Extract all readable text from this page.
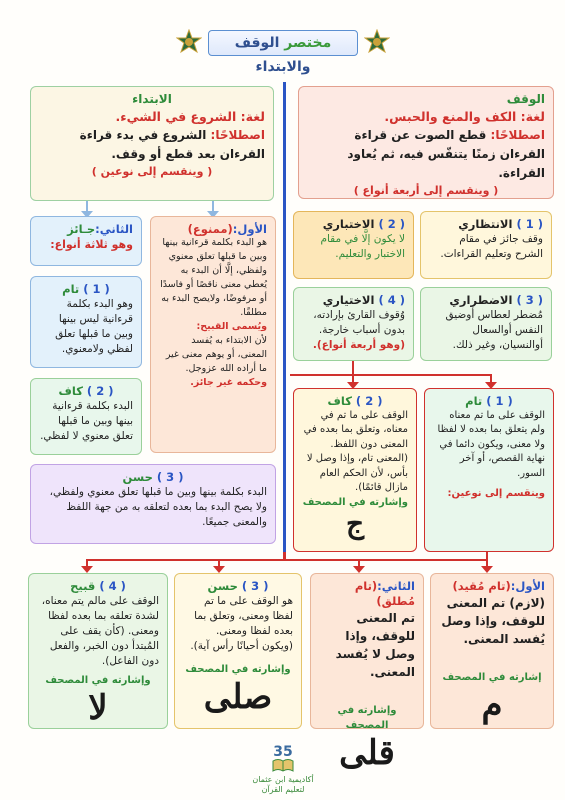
مختصر الوقف والابتداء
الوقف
لغة: الكف والمنع والحبس.
اصطلاحًا: قطع الصوت عن قراءة القرءان زمنًا يتنفّس فيه، ثم يُعاود القراءة.
( وينقسم إلى أربعة أنواع )
الابتداء
لغة: الشروع في الشيء.
اصطلاحًا: الشروع في بدء قراءة القرءان بعد قطع أو وقف.
( وينقسم إلى نوعين )
( 1 ) الانتظاري
وقف جائز في مقام الشرح وتعليم القراءات.
( 2 ) الاختباري
لا يكون إلَّا في مقام الاختبار والتعليم.
( 3 ) الاضطراري
مُضطر لعطاس أوضيق النفس أوالسعال أوالنسيان، وغير ذلك.
( 4 ) الاختياري
وُقوف القارئ بإرادته، بدون أسباب خارجة.
(وهو أربعة أنواع).
الأول:(ممنوع)
هو البدء بكلمة قرءانية بينها وبين ما قبلها تعلق معنوي ولفظي، إلَّا أن البدء به يُعطي معنى ناقصًا أو فاسدًا أو مرفوضًا، ولايصح البدء به مطلقًا.
ويُسمى القبيح:
لأن الابتداء به يُفسد المعنى، أو يوهم معنى غير ما أراده الله عزوجل.
وحكمه غير جائز.
الثاني:جـائز
وهو ثلاثة أنواع:
( 1 ) تام
وهو البدء بكلمة قرءانية ليس بينها وبين ما قبلها تعلق لفظي ولامعنوي.
( 2 ) كاف
البدء بكلمة قرءانية بينها وبين ما قبلها تعلق معنوي لا لفظي.
( 3 ) حسن
البدء بكلمة بينها وبين ما قبلها تعلق معنوي ولفظي، ولا يصح البدء بما بعده لتعلقه به من جهة اللفظ والمعنى جميعًا.
( 1 ) تام
الوقف على ما تم معناه ولم يتعلق بما بعده لا لفظا ولا معنى، ويكون دائما في نهاية القصص، أو آخر السور.
وينقسم إلى نوعين:
( 2 ) كاف
الوقف على ما تم في معناه، وتعلق بما بعده في المعنى دون اللفظ. (المعنى تام، وإذا وصل لا بأس، لأن الحكم العام مازال قائمًا).
وإشارته في المصحف
ج
الأول:(تام مُقيد)
(لازم) تم المعنى للوقف، وإذا وصل يُفسد المعنى.
إشارته في المصحف
م
الثاني:(تام مُطلق)
تم المعنى للوقف، وإذا وصل لا يُفسد المعنى.
وإشارته في المصحف
قلى
( 3 ) حسن
هو الوقف على ما تم لفظا ومعنى، وتعلق بما بعده لفظا ومعنى. (ويكون أحيانًا رأس آية).
وإشارته في المصحف
صلى
( 4 ) قبيح
الوقف على مالم يتم معناه، لشدة تعلقه بما بعده لفظا ومعنى. (كأن يقف على المُبتدأ دون الخبر، والفعل دون الفاعل).
وإشارته في المصحف
لا
35
أكاديمية ابن عثمان لتعليم القرآن
